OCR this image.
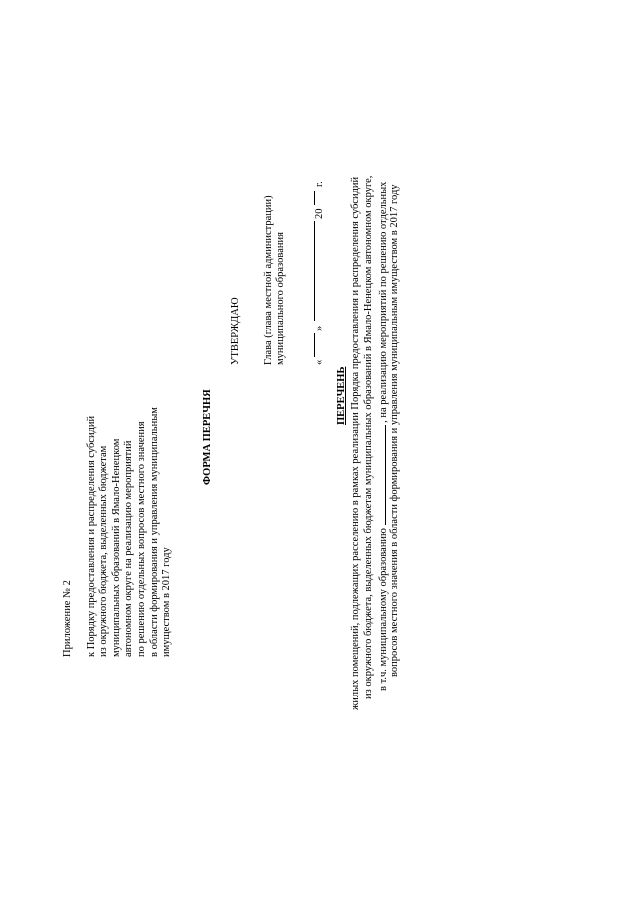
Приложение № 2 к Порядку предоставления и распределения субсидий из окружного бюджета, выделенных бюджетам муниципальных образований в Ямало-Ненецком автономном округе на реализацию мероприятий по решению отдельных вопросов местного значения в области формирования и управления муниципальным имуществом в 2017 году
ФОРМА ПЕРЕЧНЯ
УТВЕРЖДАЮ Глава (глава местной администрации) муниципального образования	«
»
20
г.
ПЕРЕЧЕНЬ жилых помещений, подлежащих расселению в рамках реализации Порядка предоставления и распределения субсидий из окружного бюджета, выделенных бюджетам муниципальных образований в Ямало-Ненецком автономном округе, в т.ч. муниципальному образованию  , на реализацию мероприятий по решению отдельных вопросов местного значения в области формирования и управления муниципальным имуществом в 2017 году
